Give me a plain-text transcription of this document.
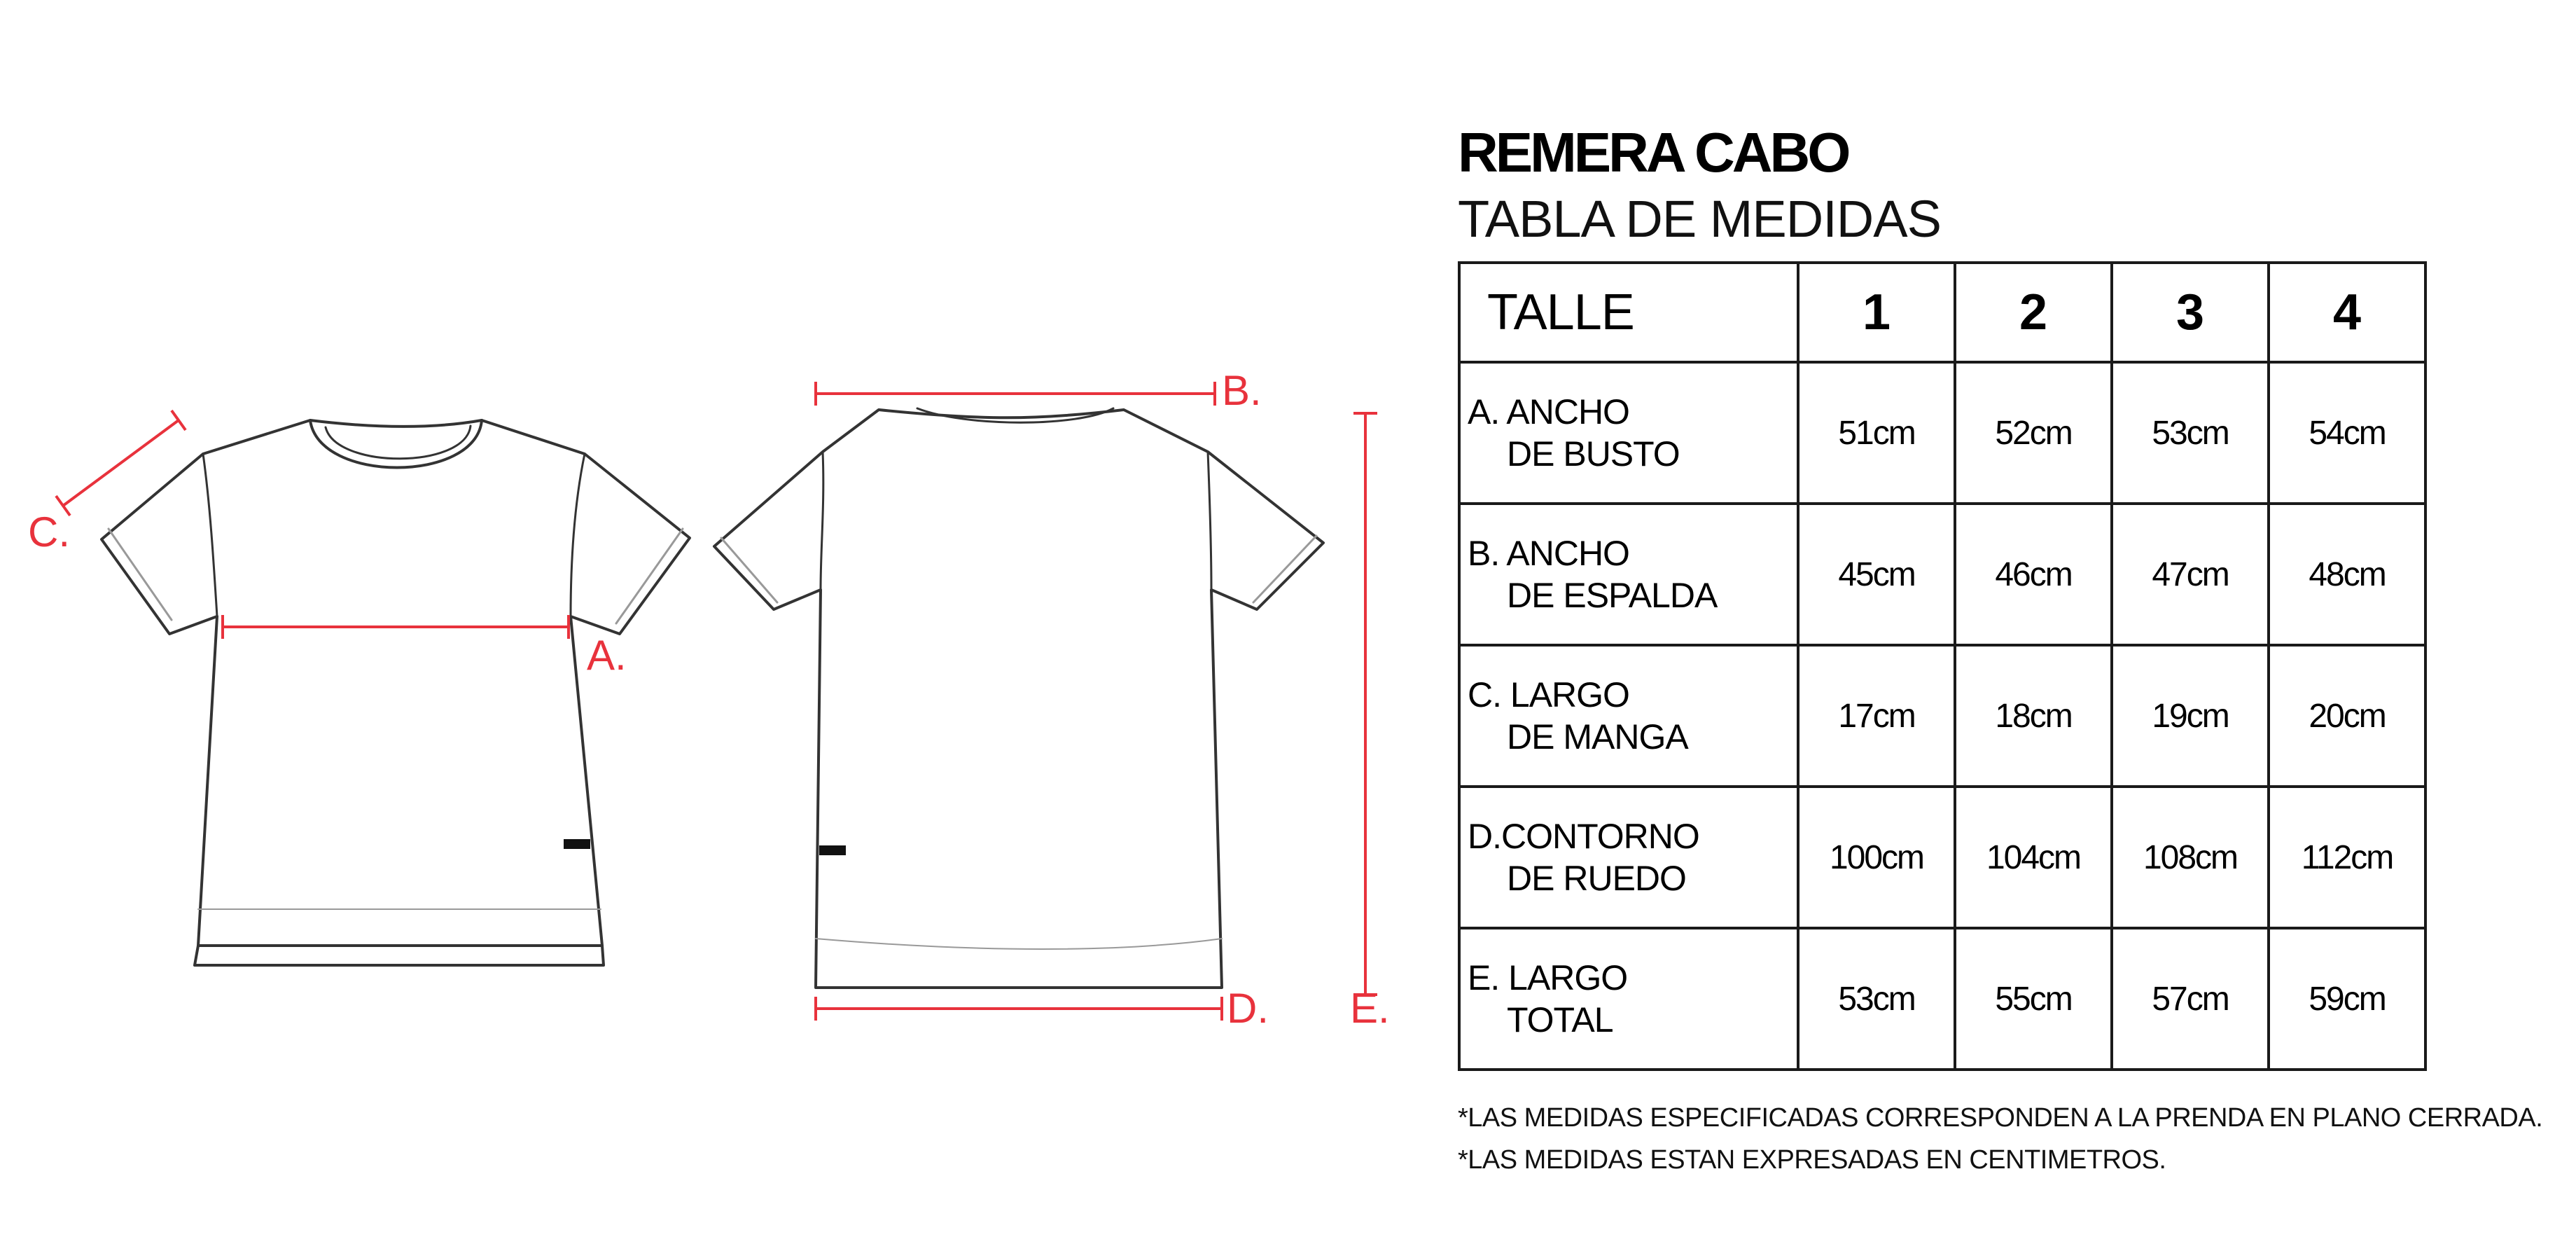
A.
B.
C.
D. E.
REMERA CABO
TABLA DE MEDIDAS
TALLE	1	2	3	4
A. ANCHO
DE BUSTO	51cm	52cm	53cm	54cm
B. ANCHO
DE ESPALDA	45cm	46cm	47cm	48cm
C. LARGO
DE MANGA	17cm	18cm	19cm	20cm
D.CONTORNO
DE RUEDO	100cm	104cm	108cm	112cm
E. LARGO
TOTAL	53cm	55cm	57cm	59cm
*LAS MEDIDAS ESPECIFICADAS CORRESPONDEN A LA PRENDA EN PLANO CERRADA.
*LAS MEDIDAS ESTAN EXPRESADAS EN CENTIMETROS.
